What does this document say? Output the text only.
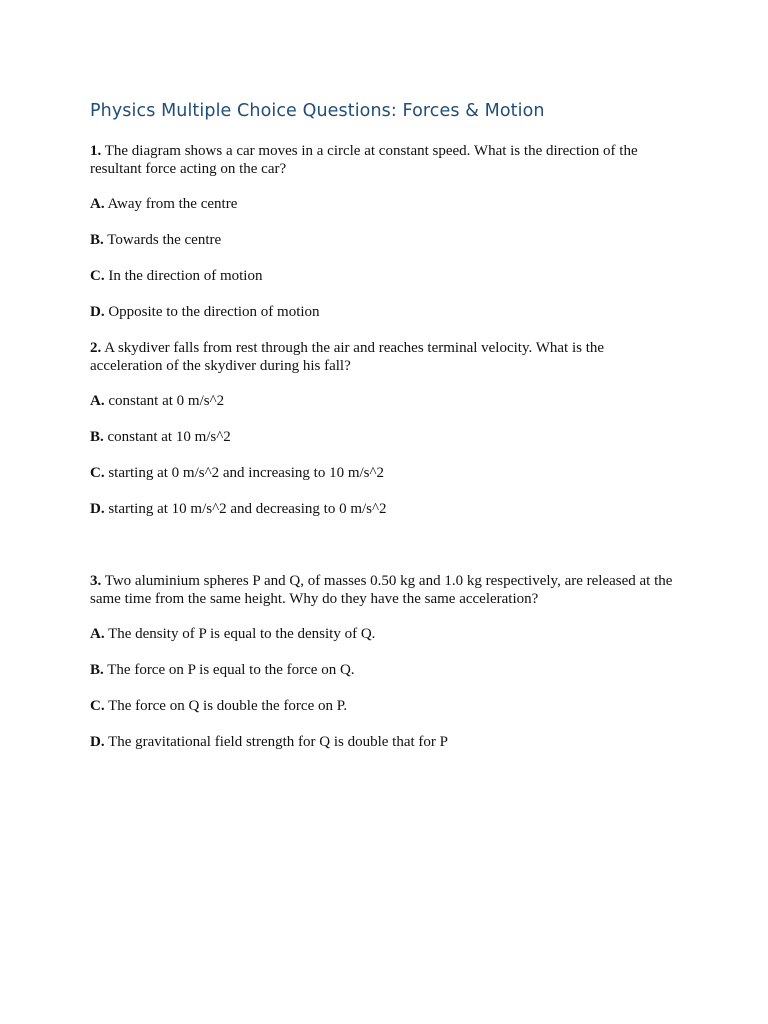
Physics Multiple Choice Questions: Forces & Motion

1. The diagram shows a car moves in a circle at constant speed. What is the direction of the resultant force acting on the car?

A. Away from the centre

B. Towards the centre

C. In the direction of motion

D. Opposite to the direction of motion

2. A skydiver falls from rest through the air and reaches terminal velocity. What is the acceleration of the skydiver during his fall?

A. constant at 0 m/s^2

B. constant at 10 m/s^2

C. starting at 0 m/s^2 and increasing to 10 m/s^2

D. starting at 10 m/s^2 and decreasing to 0 m/s^2

3. Two aluminium spheres P and Q, of masses 0.50 kg and 1.0 kg respectively, are released at the same time from the same height. Why do they have the same acceleration?

A. The density of P is equal to the density of Q.

B. The force on P is equal to the force on Q.

C. The force on Q is double the force on P.

D. The gravitational field strength for Q is double that for P
